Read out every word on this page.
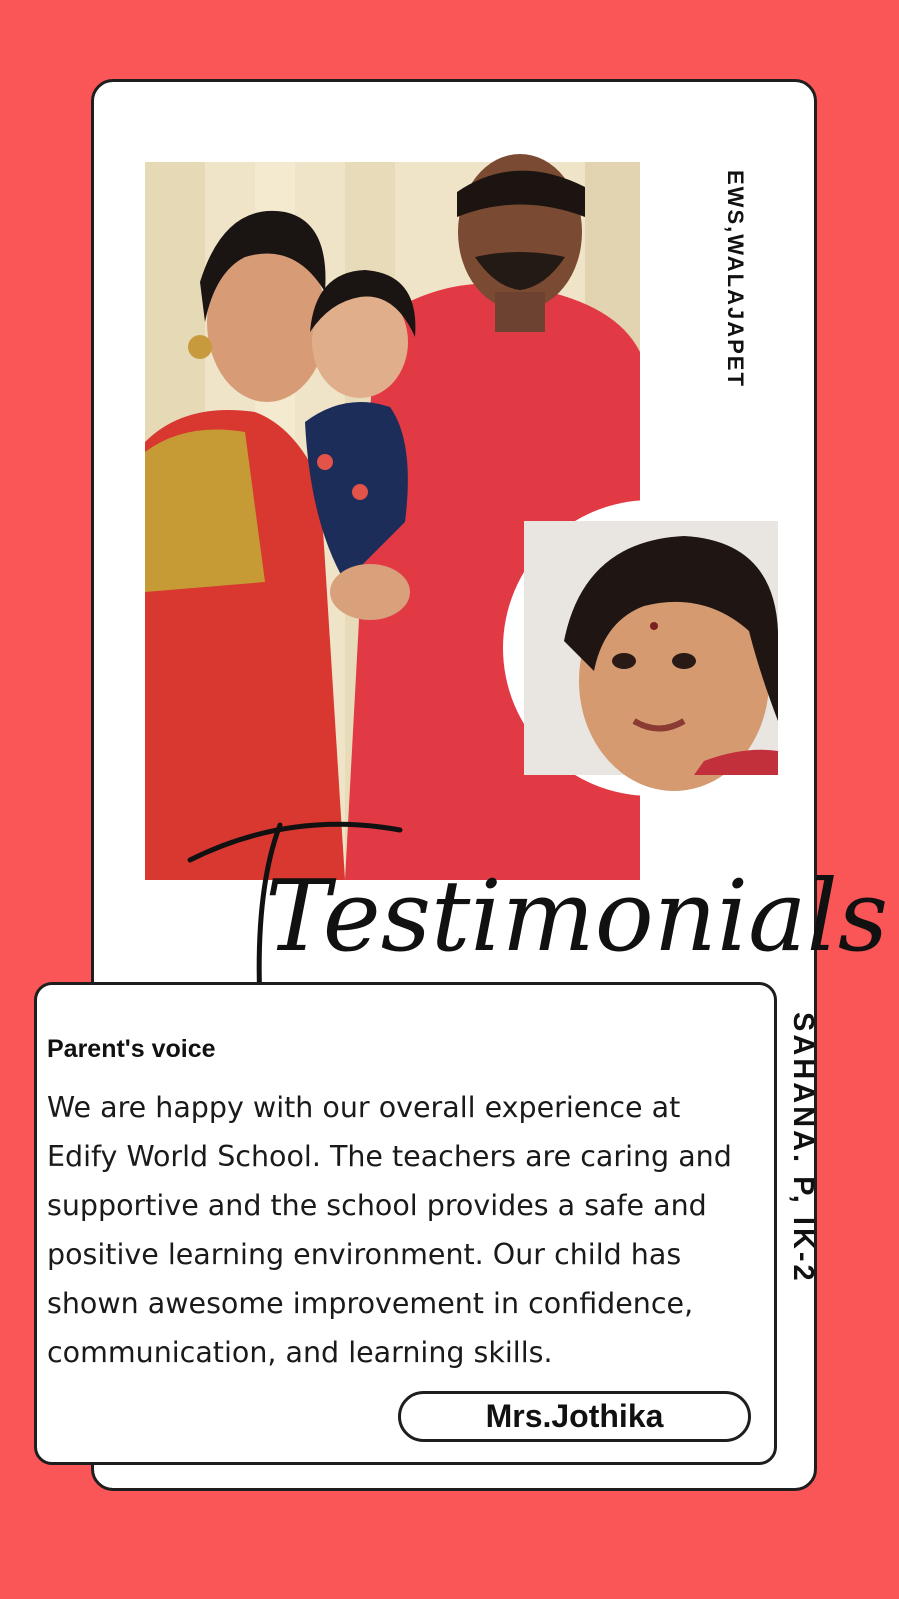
EWS,WALAJAPET
Testimonials
Parent's voice

We are happy with our overall experience at Edify World School. The teachers are caring and supportive and the school provides a safe and positive learning environment. Our child has shown awesome improvement in confidence, communication, and learning skills.

Mrs.Jothika
SAHANA. P, IK-2
